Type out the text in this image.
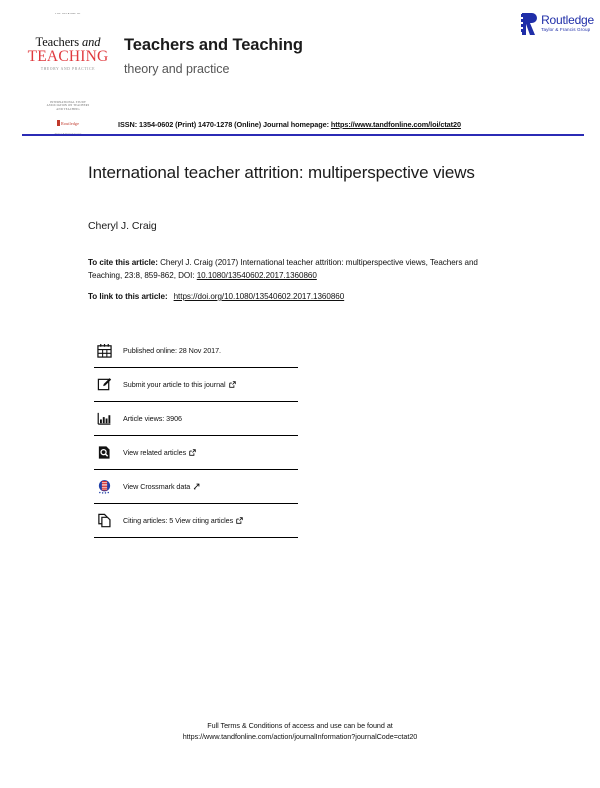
THE JOURNAL OF
Teachers and
TEACHING
THEORY AND PRACTICE
INTERNATIONAL STUDY
ASSOCIATION ON TEACHERS
AND TEACHING
Routledge
Teachers and Teaching
theory and practice
Routledge
Taylor & Francis Group
ISSN: 1354-0602 (Print) 1470-1278 (Online) Journal homepage: https://www.tandfonline.com/loi/ctat20
International teacher attrition: multiperspective views
Cheryl J. Craig
To cite this article: Cheryl J. Craig (2017) International teacher attrition: multiperspective views, Teachers and Teaching, 23:8, 859-862, DOI: 10.1080/13540602.2017.1360860
To link to this article: https://doi.org/10.1080/13540602.2017.1360860
Published online: 28 Nov 2017.
Submit your article to this journal
Article views: 3906
View related articles
View Crossmark data
Citing articles: 5 View citing articles
Full Terms & Conditions of access and use can be found at
https://www.tandfonline.com/action/journalInformation?journalCode=ctat20
